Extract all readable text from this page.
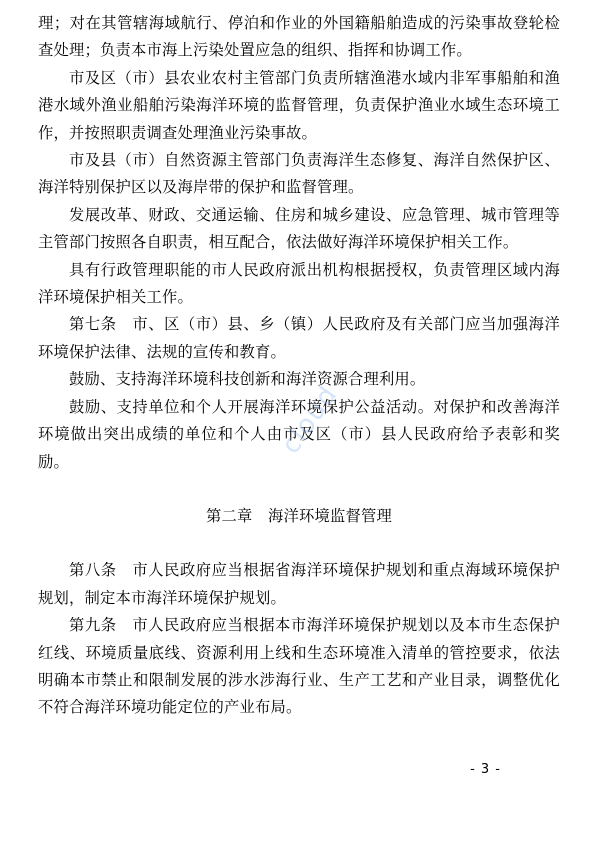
理；对在其管辖海域航行、停泊和作业的外国籍船舶造成的污染事故登轮检查处理；负责本市海上污染处置应急的组织、指挥和协调工作。

市及区（市）县农业农村主管部门负责所辖渔港水域内非军事船舶和渔港水域外渔业船舶污染海洋环境的监督管理，负责保护渔业水域生态环境工作，并按照职责调查处理渔业污染事故。

市及县（市）自然资源主管部门负责海洋生态修复、海洋自然保护区、海洋特别保护区以及海岸带的保护和监督管理。

发展改革、财政、交通运输、住房和城乡建设、应急管理、城市管理等主管部门按照各自职责，相互配合，依法做好海洋环境保护相关工作。

具有行政管理职能的市人民政府派出机构根据授权，负责管理区域内海洋环境保护相关工作。

第七条　市、区（市）县、乡（镇）人民政府及有关部门应当加强海洋环境保护法律、法规的宣传和教育。

鼓励、支持海洋环境科技创新和海洋资源合理利用。

鼓励、支持单位和个人开展海洋环境保护公益活动。对保护和改善海洋环境做出突出成绩的单位和个人由市及区（市）县人民政府给予表彰和奖励。

第二章　海洋环境监督管理

第八条　市人民政府应当根据省海洋环境保护规划和重点海域环境保护规划，制定本市海洋环境保护规划。

第九条　市人民政府应当根据本市海洋环境保护规划以及本市生态保护红线、环境质量底线、资源利用上线和生态环境准入清单的管控要求，依法明确本市禁止和限制发展的涉水涉海行业、生产工艺和产业目录，调整优化不符合海洋环境功能定位的产业布局。

cloud
- 3 -
